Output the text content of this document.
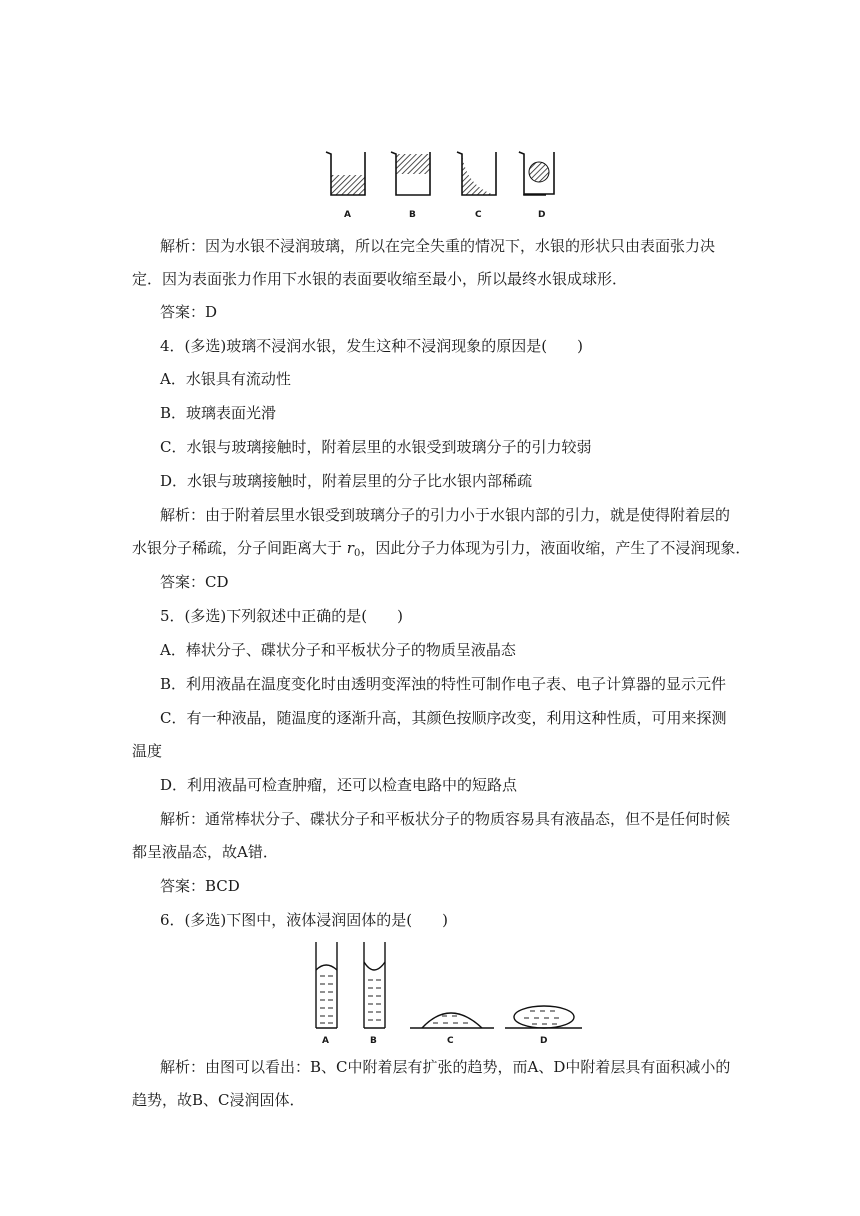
A	B	C	D
解析：因为水银不浸润玻璃，所以在完全失重的情况下，水银的形状只由表面张力决
定．因为表面张力作用下水银的表面要收缩至最小，所以最终水银成球形．
答案：D
4．(多选)玻璃不浸润水银，发生这种不浸润现象的原因是(　　)
A．水银具有流动性
B．玻璃表面光滑
C．水银与玻璃接触时，附着层里的水银受到玻璃分子的引力较弱
D．水银与玻璃接触时，附着层里的分子比水银内部稀疏
解析：由于附着层里水银受到玻璃分子的引力小于水银内部的引力，就是使得附着层的
水银分子稀疏，分子间距离大于 $r_0$，因此分子力体现为引力，液面收缩，产生了不浸润现象．
答案：CD
5．(多选)下列叙述中正确的是(　　)
A．棒状分子、碟状分子和平板状分子的物质呈液晶态
B．利用液晶在温度变化时由透明变浑浊的特性可制作电子表、电子计算器的显示元件
C．有一种液晶，随温度的逐渐升高，其颜色按顺序改变，利用这种性质，可用来探测
温度
D．利用液晶可检查肿瘤，还可以检查电路中的短路点
解析：通常棒状分子、碟状分子和平板状分子的物质容易具有液晶态，但不是任何时候
都呈液晶态，故A错．
答案：BCD
6．(多选)下图中，液体浸润固体的是(　　)
A	B	C	D
解析：由图可以看出：B、C中附着层有扩张的趋势，而A、D中附着层具有面积减小的
趋势，故B、C浸润固体．
